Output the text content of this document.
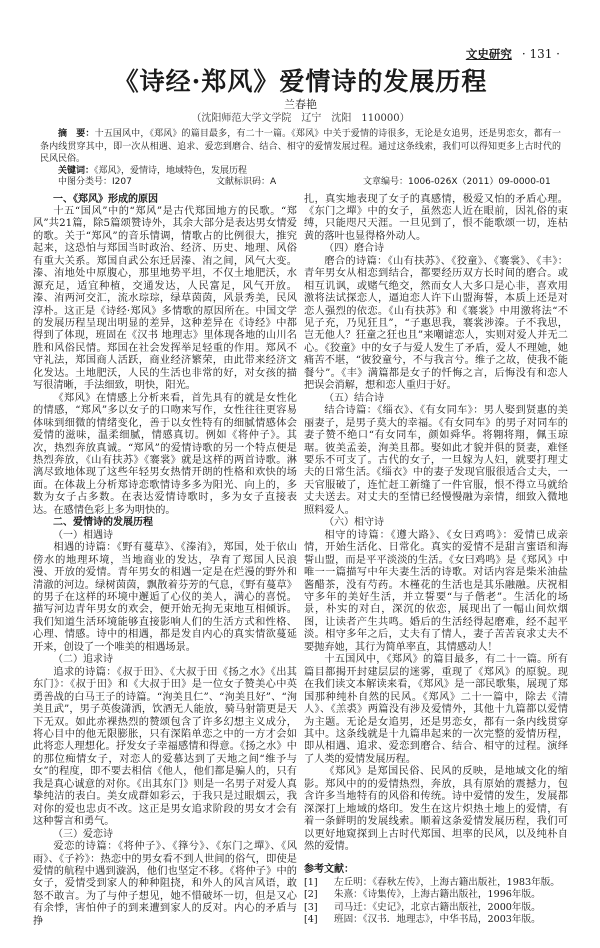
文史研究 · 131 ·
《诗经·郑风》爱情诗的发展历程
兰春艳
（沈阳师范大学文学院　辽宁　沈阳　110000）
摘　要：十五国风中，《郑风》的篇目最多，有二十一篇。《郑风》中关于爱情的诗很多，无论是女追男，还是男恋女，都有一条内线贯穿其中，即一次从相遇、追求、爱恋到磨合、结合、相守的爱情发展过程。通过这条线索，我们可以得知更多上古时代的民风民俗。
关键词：《郑风》，爱情诗，地域特色，发展历程
中图分类号：I207	文献标识码：A	文章编号：1006-026X（2011）09-0000-01
一、《郑风》形成的原因

十五“国风”中的“郑风”是古代郑国地方的民歌。“郑风”共21篇，除5篇颂赞诗外，其余大部分是表达男女情爱的歌。关于“郑风”的音乐情调，情歌占的比例很大，推究起来，这恐怕与郑国当时政治、经济、历史、地理、风俗有重大关系。郑国自武公东迁居溱、洧之间，风气大变。溱、洧地处中原腹心，那里地势平坦，不仅土地肥沃，水源充足，适宜种植，交通发达，人民富足，风气开放。溱、洧两河交汇，流水琮琮，绿草茵茵，风景秀美，民风淳朴。这正是《诗经·郑风》多情歌的原因所在。中国文学的发展历程呈现出明显的差异，这种差异在《诗经》中都得到了体现，班固在《汉书 地理志》里体现各地的山川名胜和风俗民情。郑国在社会发挥举足轻重的作用。郑风不守礼法，郑国商人活跃，商业经济繁荣，由此带来经济文化发达。土地肥沃，人民的生活也非常的好，对女孩的描写很清晰，手法细致，明快，阳光。

《郑风》在情感上分析来看，首先具有的就是女性化的情感，“郑风”多以女子的口吻来写作，女性往往更容易体味到细微的情绪变化，善于以女性特有的细腻情感体会爱情的滋味，温柔细腻，情感真切。例如《将仲子》。其次，热烈奔放真诚。“郑风”的爱情诗歌的另一个特点便是热烈奔放，《山有扶苏》《褰裳》就是这样的两首诗歌。淋漓尽致地体现了这些年轻男女热情开朗的性格和欢快的场面。在体裁上分析郑诗恋歌情诗多多为阳光、向上的，多数为女子占多数。在表达爱情诗歌时，多为女子直接表达。在感情色彩上多为明快的。

二、爱情诗的发展历程
（一）相遇诗

相遇的诗篇：《野有蔓草》、《溱洧》，郑国，处于依山傍水的地理环境，当地商业的发达，孕育了郑国人民浪漫、开放的爱情。青年男女的相遇一定是在烂漫的野外和清澈的河边。绿树茵茵，飘散着芬芳的气息，《野有蔓草》的男子在这样的环境中邂逅了心仪的美人，满心的喜悦。描写河边青年男女的欢会，便开始无拘无束地互相倾诉。我们知道生活环境能够直接影响人们的生活方式和性格、心理、情感。诗中的相遇，都是发自内心的真实情欲蔓延开来，创设了一个唯美的相遇场景。

（二）追求诗

追求的诗篇：《叔于田》、《大叔于田《扬之水》《出其东门》：《叔于田》和《大叔于田》是一位女子赞美心中英勇善战的白马王子的诗篇。“洵美且仁”、“洵美且好”、“洵美且武”，男子英俊潇洒，饮酒无人能放，骑马射箭更是天下无双。如此赤裸热烈的赞颂包含了许多幻想主义成分，将心目中的他无限膨胀，只有深陷单恋之中的一方才会如此将恋人理想化。抒发女子幸福感情和得意。《扬之水》中的那位痴情女子，对恋人的爱慕达到了天地之间“维予与女”的程度，即不要去相信《他人，他们都是骗人的，只有我是真心诚意的对你。《出其东门》则是一名男子对爱人真挚纯洁的表白。美女成群如彩云，于我只是过眼烟云，我对你的爱也忠贞不改。这正是男女追求阶段的男女才会有这种誓言和勇气。

（三）爱恋诗

爱恋的诗篇：《将仲子》、《箨兮》、《东门之墠》、《风雨》、《子衿》：热恋中的男女看不到人世间的俗气，即使是爱情的航程中遇到漩涡，他们也坚定不移。《将仲子》中的女子，爱情受到家人的种种阻挠，和外人的风言风语，敢怒不敢言。为了与仲子想见，她不惜破坏一切，但是又心有余悸，害怕仲子的到来遭到家人的反对。内心的矛盾与挣

扎，真实地表现了女子的真感情，极爱又怕的矛盾心理。《东门之墠》中的女子，虽然恋人近在眼前，因礼俗的束缚，只能咫尺天涯。一旦见到了，恨不能歌颂一切，连枯黄的落叶也显得格外动人。

（四）磨合诗

磨合的诗篇：《山有扶苏》、《狡童》、《褰裳》、《丰》：青年男女从相恋到结合，都要经历双方长时间的磨合。或相互讥讽，或赌气绝交，然而女人大多口是心非，喜欢用激将法试探恋人，逼迫恋人许下山盟海誓，本质上还是对恋人强烈的依恋。《山有扶苏》和《褰裳》中用激将法“不见子充，乃见狂且”，“子惠思我，褰裳涉溱。子不我思，岂无他人？狂童之狂也且”来嘲谑恋人，实则对爱人并无二心。《狡童》中的女子与爱人发生了矛盾，爱人不理她，她痛苦不堪，“彼狡童兮，不与我言兮。维子之故，使我不能餐兮”。《丰》满篇都是女子的忏悔之言，后悔没有和恋人把误会消解，想和恋人重归于好。

（五）结合诗

结合诗篇：《缁衣》、《有女同车》：男人娶到贤惠的美丽妻子，是男子莫大的幸福。《有女同车》的男子对同车的妻子赞不绝口“有女同车，颜如舜华。将翱将翔，佩玉琼琚。彼美孟姜，洵美且都。娶如此才貌并俱的贤妻，难怪要乐不可支了。古代的女子，一旦嫁为人妇，就要打理丈夫的日常生活。《缁衣》中的妻子发现官服很适合丈夫，一天官服破了，连忙赶工新缝了一件官服，恨不得立马就给丈夫送去。对丈夫的至情已经慢慢融为亲情，细致入微地照料爱人。

（六）相守诗

相守的诗篇：《遵大路》、《女曰鸡鸣》：爱情已成亲情，开始生活化、日常化。真实的爱情不是甜言蜜语和海誓山盟，而是平平淡淡的生活。《女曰鸡鸣》是《郑风》中唯一一篇描写中年夫妻生活的诗歌。对话内容是柴米油盐酱醋茶，没有芍药。木槿花的生活也是其乐融融。庆祝相守多年的美好生活，并立誓要“与子偕老”。生活化的场景，朴实的对白，深沉的依恋，展现出了一幅山间炊烟图，让读者产生共鸣。婚后的生活经得起磨难，经不起平淡。相守多年之后，丈夫有了情人，妻子苦苦哀求丈夫不要抛弃她，其行为简单率直，其情感动人！

十五国风中，《郑风》的篇目最多，有二十一篇。所有篇目都揭开封建层层的迷雾，重现了《郑风》的原貌。现在我们读文本解读来看，《郑风》是一部民歌集，展现了郑国那种纯朴自然的民风。《郑风》二十一篇中，除去《清人》、《羔裘》两篇没有涉及爱情外，其他十九篇都以爱情为主题。无论是女追男，还是男恋女，都有一条内线贯穿其中。这条线就是十九篇串起来的一次完整的爱情历程，即从相遇、追求、爱恋到磨合、结合、相守的过程。演绎了人类的爱情发展历程。

《郑风》是郑国民俗、民风的反映，是地域文化的缩影。郑风中的的爱情热烈，奔放，具有原始的震撼力，包含许多当地特有的风俗和传统。诗中爱情的发生，发展都深深打上地域的烙印。发生在这片炽热土地上的爱情，有着一条鲜明的发展线索。顺着这条爱情发展历程，我们可以更好地窥探到上古时代郑国、坦率的民风，以及纯朴自然的爱情。

参考文献：
[1]	左丘明：《春秋左传》，上海古籍出版社，1983年版。
[2]	朱熹：《诗集传》，上海古籍出版社，1996年版。
[3]	司马迁：《史记》，北京古籍出版社，2000年版。
[4]	班固：《汉书．地理志》，中华书局，2003年版。
